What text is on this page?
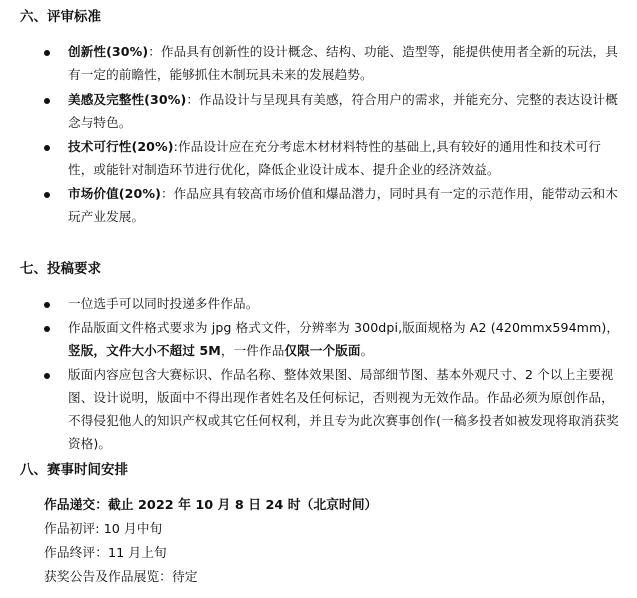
六、评审标准
创新性(30%)：作品具有创新性的设计概念、结构、功能、造型等，能提供使用者全新的玩法，具有一定的前瞻性，能够抓住木制玩具未来的发展趋势。
美感及完整性(30%)：作品设计与呈现具有美感，符合用户的需求，并能充分、完整的表达设计概念与特色。
技术可行性(20%):作品设计应在充分考虑木材材料特性的基础上,具有较好的通用性和技术可行性，或能针对制造环节进行优化，降低企业设计成本、提升企业的经济效益。
市场价值(20%)：作品应具有较高市场价值和爆品潜力，同时具有一定的示范作用，能带动云和木玩产业发展。
七、投稿要求
一位选手可以同时投递多件作品。
作品版面文件格式要求为 jpg 格式文件，分辨率为 300dpi,版面规格为 A2 (420mmx594mm)，竖版，文件大小不超过 5M，一件作品仅限一个版面。
版面内容应包含大赛标识、作品名称、整体效果图、局部细节图、基本外观尺寸、2 个以上主要视图、设计说明，版面中不得出现作者姓名及任何标记，否则视为无效作品。作品必须为原创作品，不得侵犯他人的知识产权或其它任何权利，并且专为此次赛事创作(一稿多投者如被发现将取消获奖资格)。
八、赛事时间安排
作品递交：截止 2022 年 10 月 8 日 24 时（北京时间）
作品初评: 10 月中旬
作品终评：11 月上旬
获奖公告及作品展览：待定
